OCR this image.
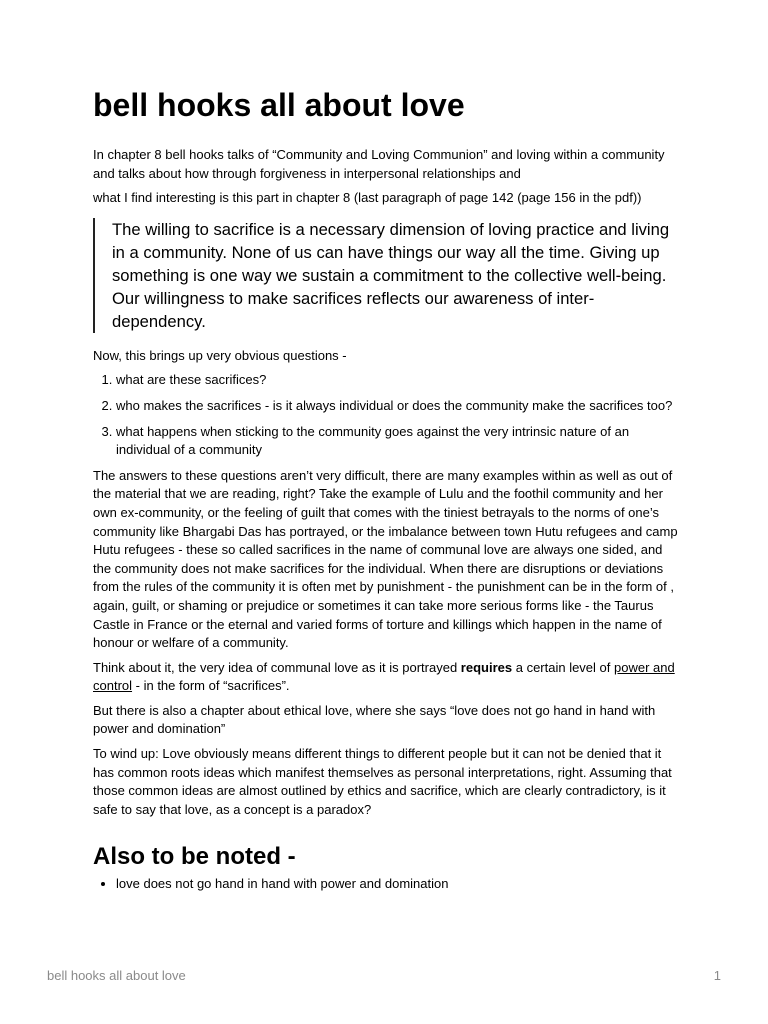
bell hooks all about love

In chapter 8 bell hooks talks of “Community and Loving Communion” and loving within a community and talks about how through forgiveness in interpersonal relationships and

what I find interesting is this part in chapter 8 (last paragraph of page 142 (page 156 in the pdf))

The willing to sacrifice is a necessary dimension of loving practice and living in a community. None of us can have things our way all the time. Giving up something is one way we sustain a commitment to the collective well-being. Our willingness to make sacrifices reflects our awareness of inter-dependency.

Now, this brings up very obvious questions -

1. what are these sacrifices?
2. who makes the sacrifices - is it always individual or does the community make the sacrifices too?
3. what happens when sticking to the community goes against the very intrinsic nature of an individual of a community

The answers to these questions aren’t very difficult, there are many examples within as well as out of the material that we are reading, right? Take the example of Lulu and the foothil community and her own ex-community, or the feeling of guilt that comes with the tiniest betrayals to the norms of one’s community like Bhargabi Das has portrayed, or the imbalance between town Hutu refugees and camp Hutu refugees - these so called sacrifices in the name of communal love are always one sided, and the community does not make sacrifices for the individual. When there are disruptions or deviations from the rules of the community it is often met by punishment - the punishment can be in the form of , again, guilt, or shaming or prejudice or sometimes it can take more serious forms like - the Taurus Castle in France or the eternal and varied forms of torture and killings which happen in the name of honour or welfare of a community.

Think about it, the very idea of communal love as it is portrayed requires a certain level of power and control - in the form of “sacrifices”.

But there is also a chapter about ethical love, where she says “love does not go hand in hand with power and domination”

To wind up: Love obviously means different things to different people but it can not be denied that it has common roots ideas which manifest themselves as personal interpretations, right. Assuming that those common ideas are almost outlined by ethics and sacrifice, which are clearly contradictory, is it safe to say that love, as a concept is a paradox?

Also to be noted -
• love does not go hand in hand with power and domination
bell hooks all about love	1
